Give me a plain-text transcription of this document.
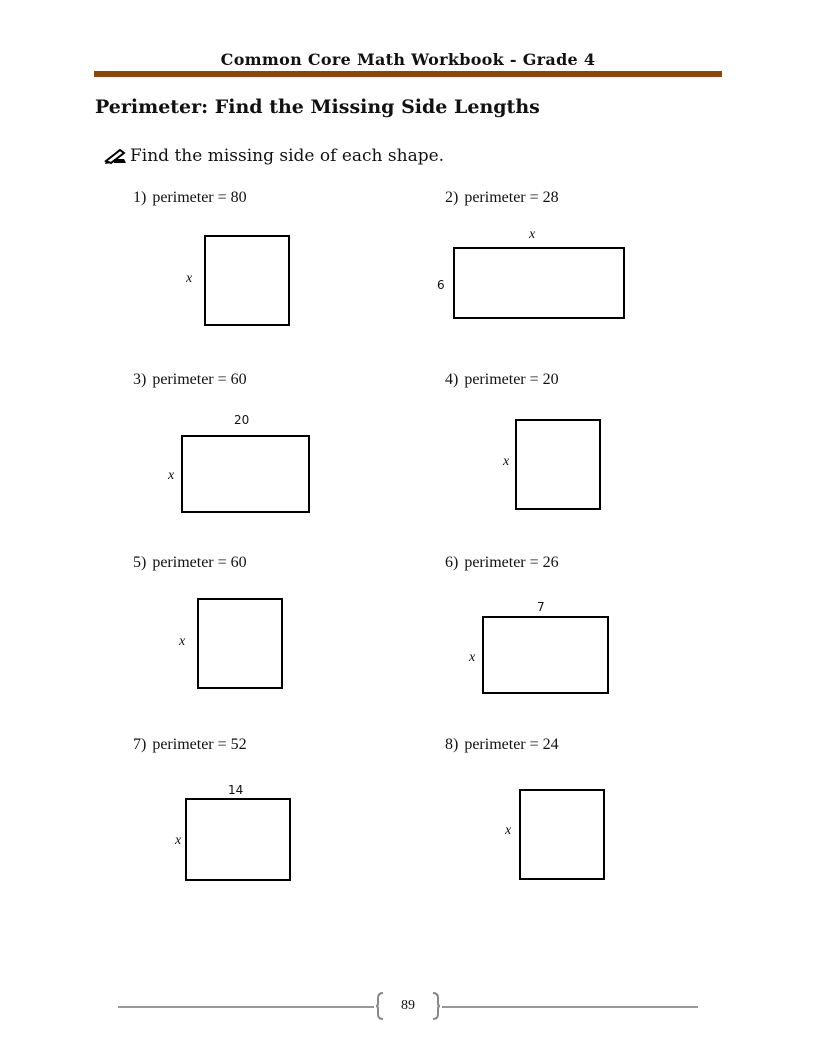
Common Core Math Workbook - Grade 4
Perimeter: Find the Missing Side Lengths
Find the missing side of each shape.
1) perimeter = 80
x
2) perimeter = 28
x
6
3) perimeter = 60
20
x
4) perimeter = 20
x
5) perimeter = 60
x
6) perimeter = 26
7
x
7) perimeter = 52
14
x
8) perimeter = 24
x
89
